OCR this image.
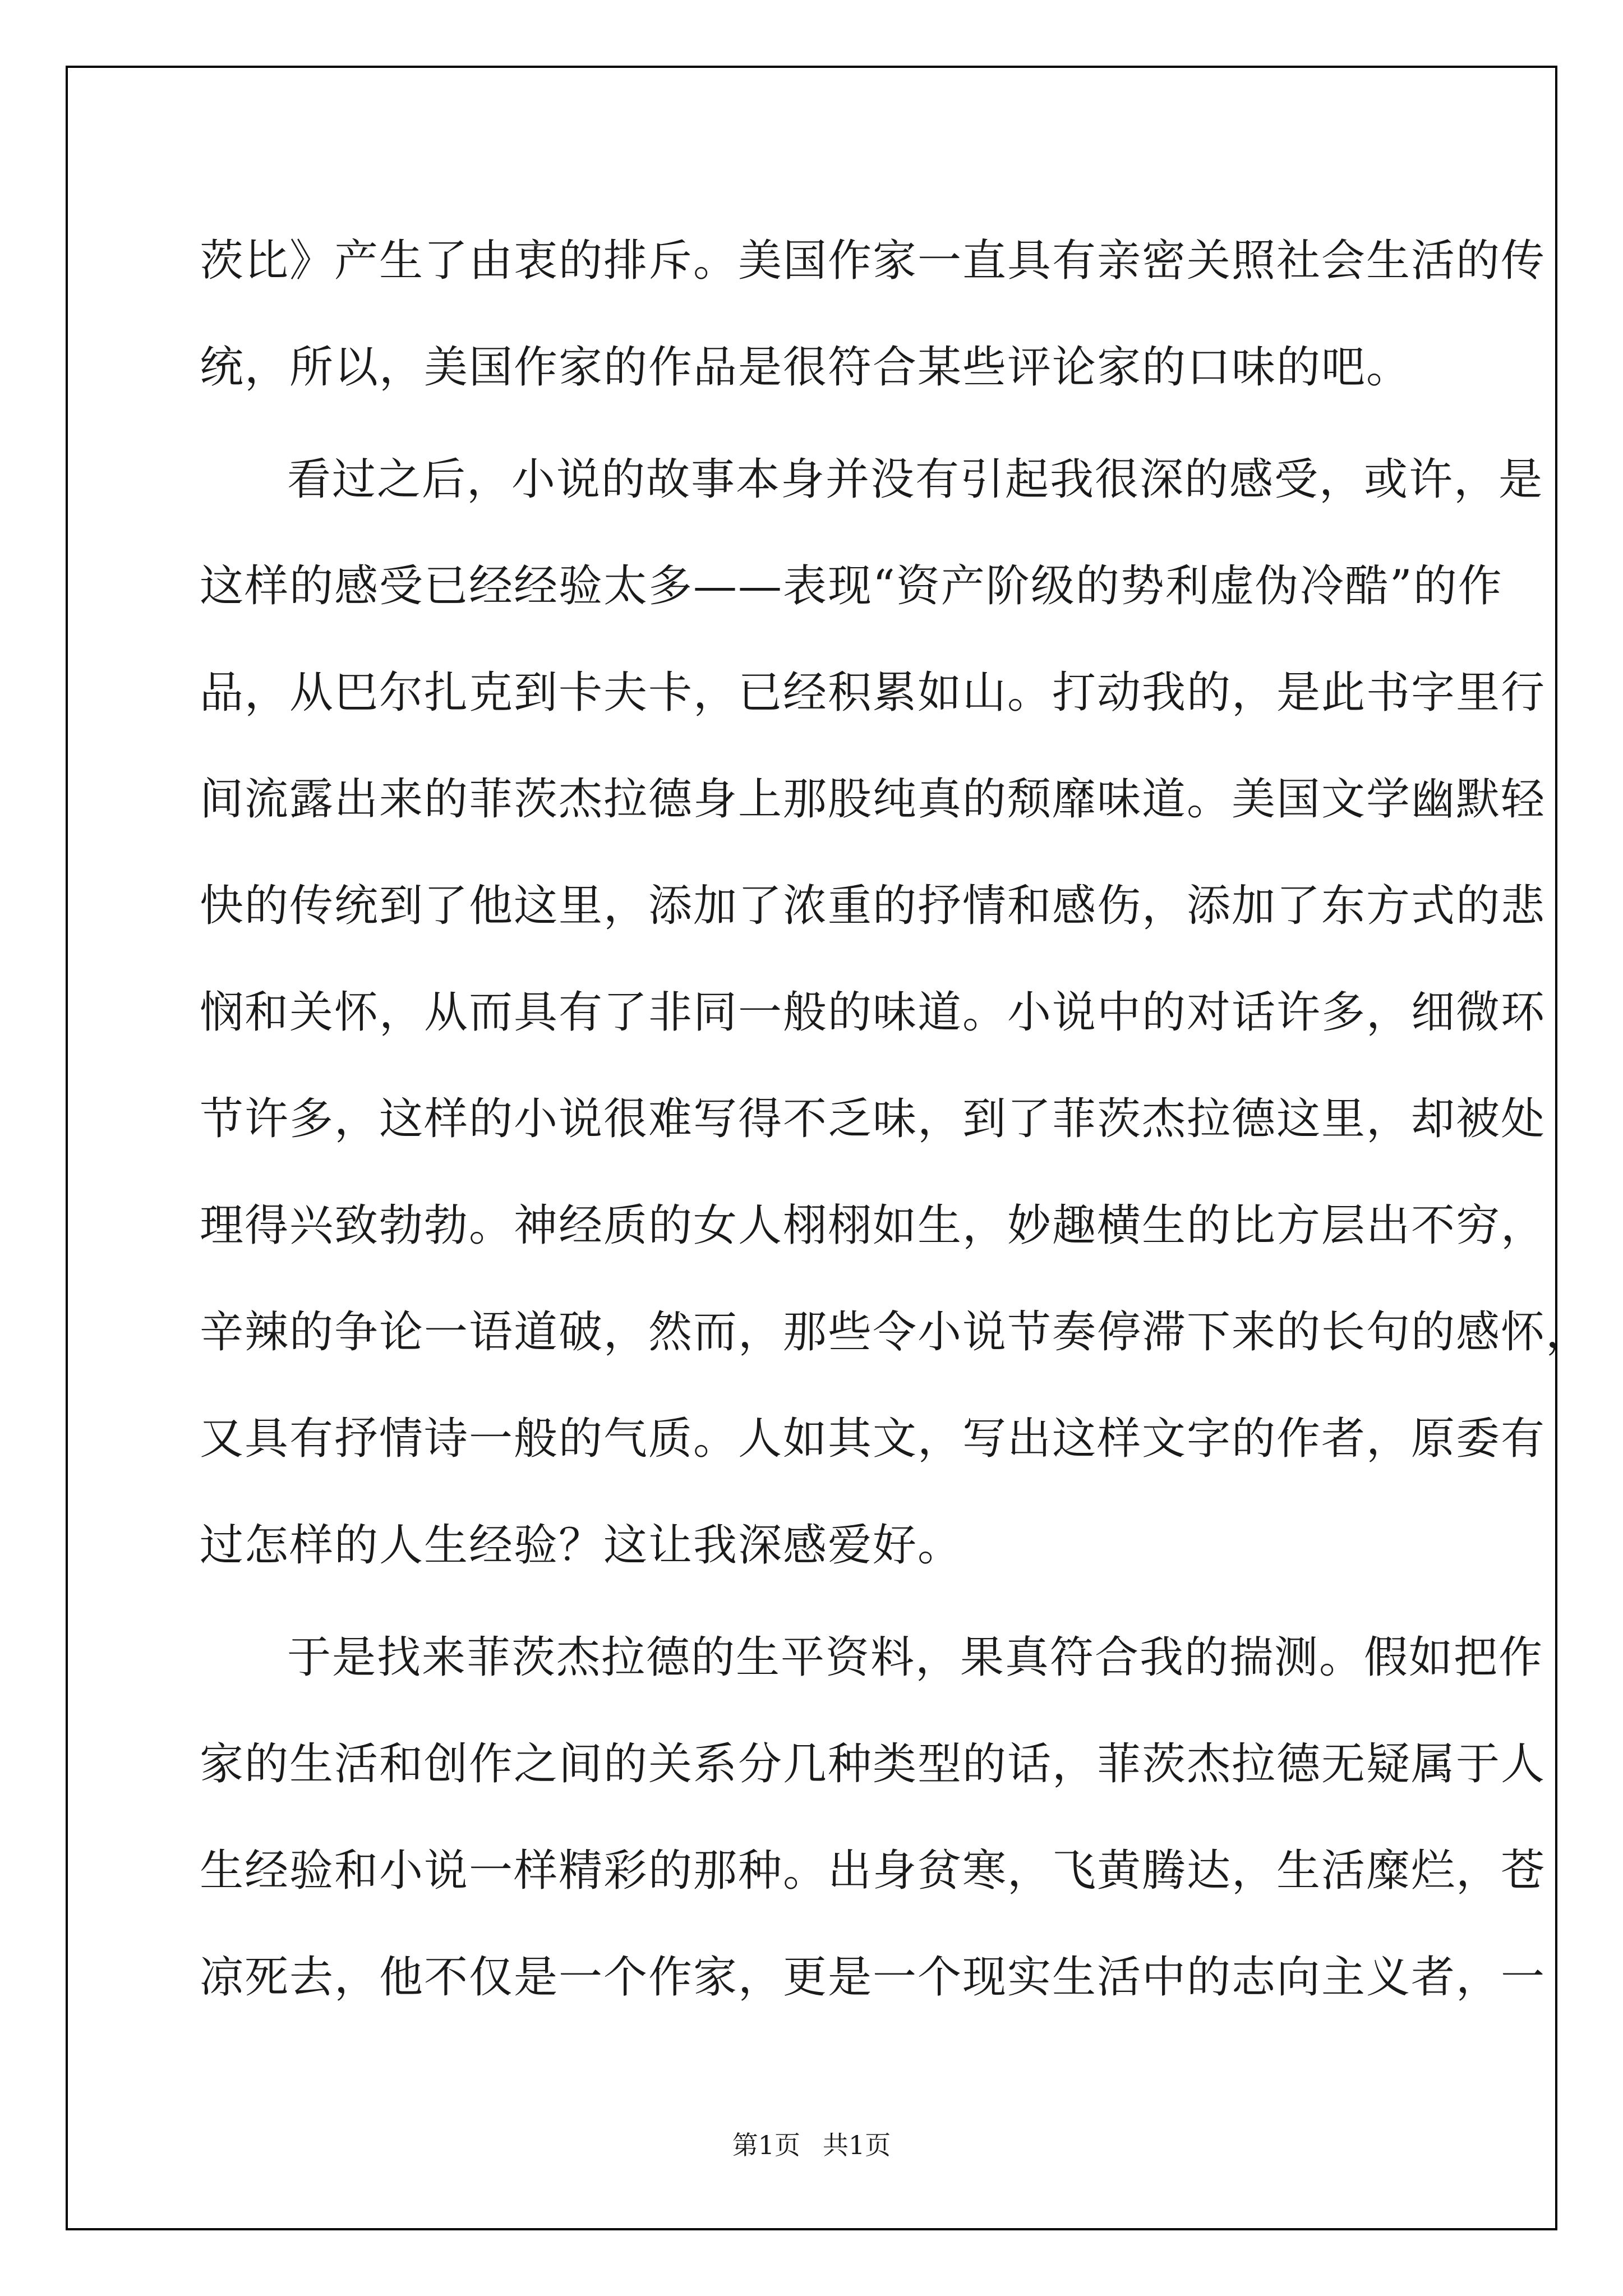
茨比》产生了由衷的排斥。美国作家一直具有亲密关照社会生活的传
统，所以，美国作家的作品是很符合某些评论家的口味的吧。
看过之后，小说的故事本身并没有引起我很深的感受，或许，是
这样的感受已经经验太多——表现“资产阶级的势利虚伪冷酷”的作
品，从巴尔扎克到卡夫卡，已经积累如山。打动我的，是此书字里行
间流露出来的菲茨杰拉德身上那股纯真的颓靡味道。美国文学幽默轻
快的传统到了他这里，添加了浓重的抒情和感伤，添加了东方式的悲
悯和关怀，从而具有了非同一般的味道。小说中的对话许多，细微环
节许多，这样的小说很难写得不乏味，到了菲茨杰拉德这里，却被处
理得兴致勃勃。神经质的女人栩栩如生，妙趣横生的比方层出不穷，
辛辣的争论一语道破，然而，那些令小说节奏停滞下来的长句的感怀，
又具有抒情诗一般的气质。人如其文，写出这样文字的作者，原委有
过怎样的人生经验？这让我深感爱好。
于是找来菲茨杰拉德的生平资料，果真符合我的揣测。假如把作
家的生活和创作之间的关系分几种类型的话，菲茨杰拉德无疑属于人
生经验和小说一样精彩的那种。出身贫寒，飞黄腾达，生活糜烂，苍
凉死去，他不仅是一个作家，更是一个现实生活中的志向主义者，一
第1页 共1页
